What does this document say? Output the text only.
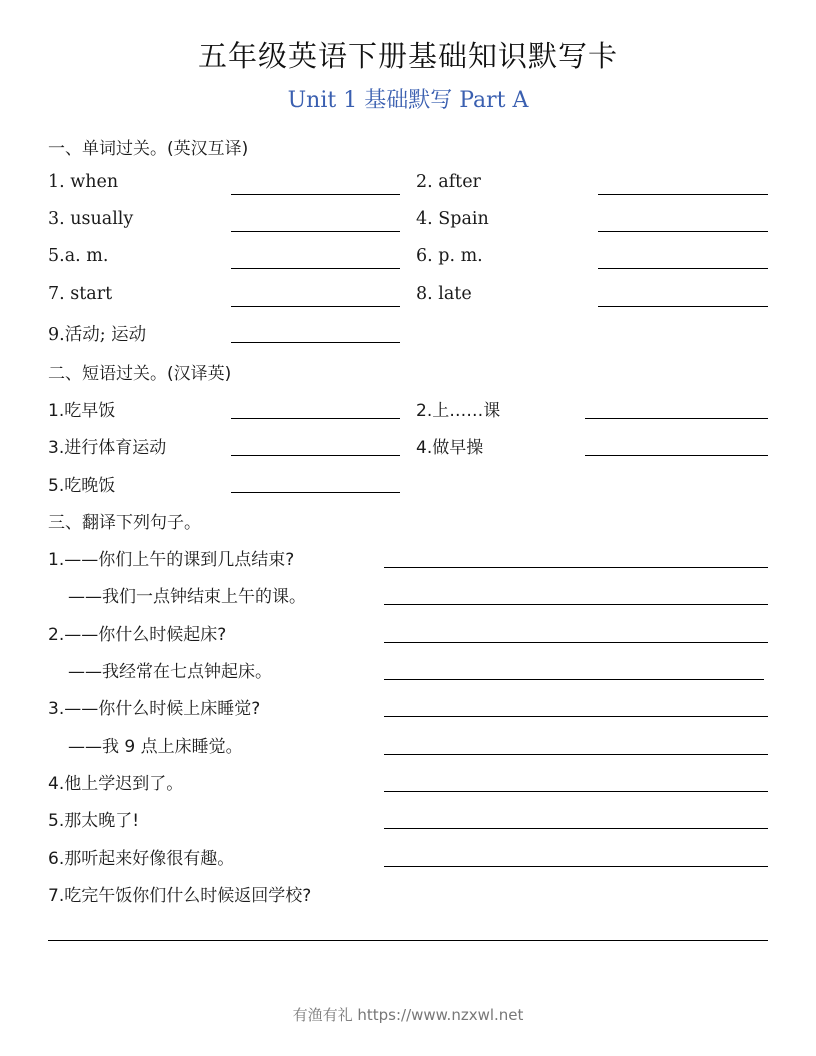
五年级英语下册基础知识默写卡
Unit 1 基础默写 Part A
一、单词过关。(英汉互译)
1. when	2. after
3. usually	4. Spain
5.a. m.	6. p. m.
7. start	8. late
9.活动; 运动
二、短语过关。(汉译英)
1.吃早饭	2.上……课
3.进行体育运动	4.做早操
5.吃晚饭
三、翻译下列句子。
1.——你们上午的课到几点结束?
——我们一点钟结束上午的课。
2.——你什么时候起床?
——我经常在七点钟起床。
3.——你什么时候上床睡觉?
——我 9 点上床睡觉。
4.他上学迟到了。
5.那太晚了!
6.那听起来好像很有趣。
7.吃完午饭你们什么时候返回学校?
有渔有礼 https://www.nzxwl.net
